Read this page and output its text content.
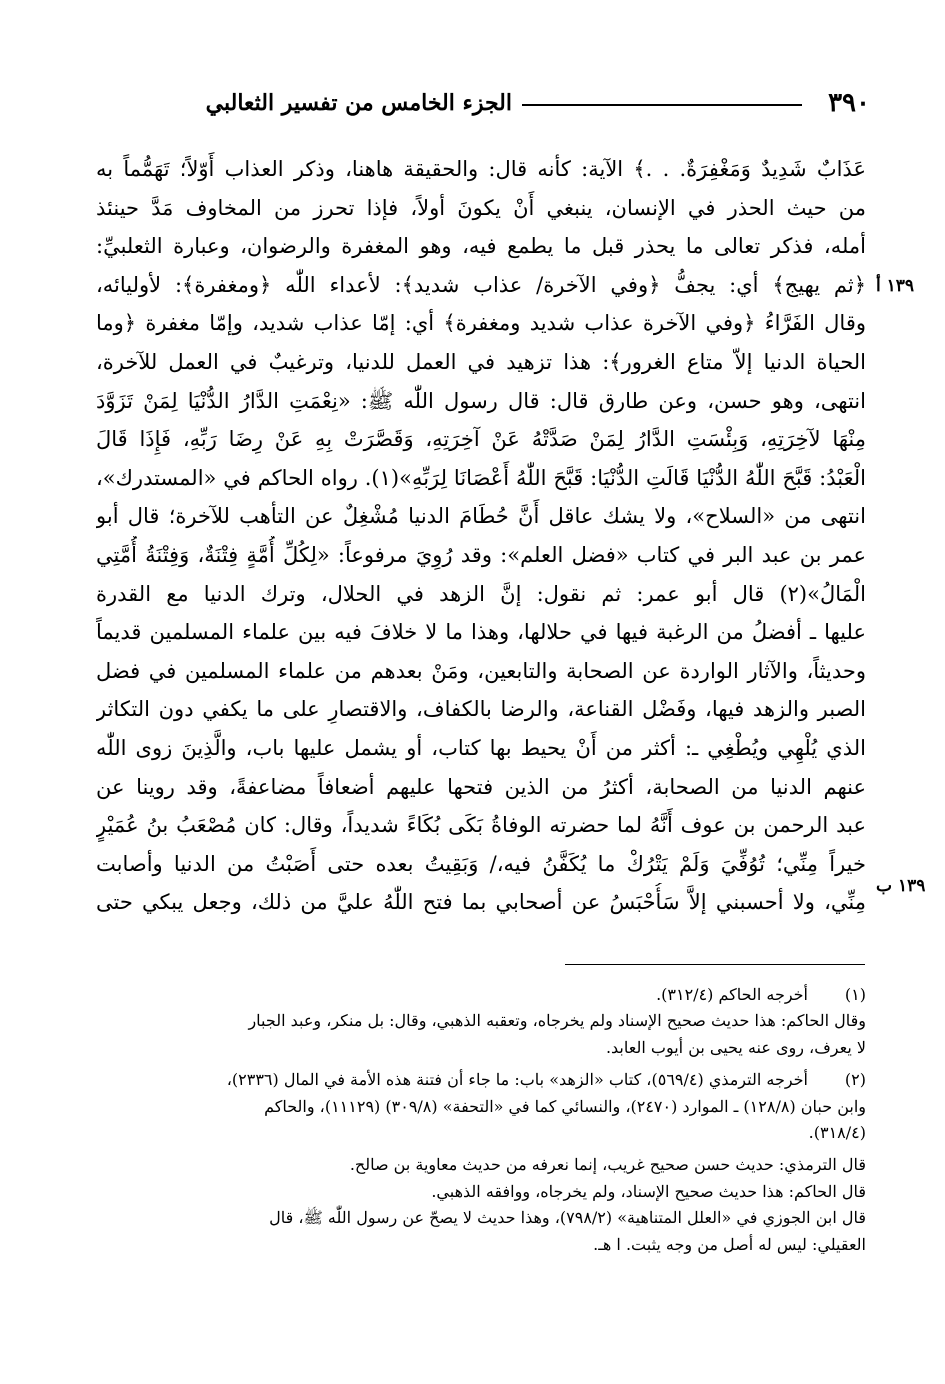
٣٩٠
الجزء الخامس من تفسير الثعالبي
١٣٩ أ
١٣٩ ب
عَذَابٌ شَدِيدٌ وَمَغْفِرَةٌ. . .﴾ الآية: كأنه قال: والحقيقة هاهنا، وذكر العذاب أَوّلاً؛ تَهَمُّماً به
من حيث الحذر في الإنسان، ينبغي أَنْ يكونَ أولاً، فإذا تحرز من المخاوف مَدَّ حينئذ
أمله، فذكر تعالى ما يحذر قبل ما يطمع فيه، وهو المغفرة والرضوان، وعبارة الثعلبيِّ:
﴿ثم يهيج﴾ أي: يجفُّ ﴿وفي الآخرة/ عذاب شديد﴾: لأعداء اللّٰه ﴿ومغفرة﴾: لأوليائه،
وقال الفَرَّاءُ ﴿وفي الآخرة عذاب شديد ومغفرة﴾ أي: إمّا عذاب شديد، وإمّا مغفرة ﴿وما
الحياة الدنيا إلاّ متاع الغرور﴾: هذا تزهيد في العمل للدنيا، وترغيبٌ في العمل للآخرة،
انتهى، وهو حسن، وعن طارق قال: قال رسول اللّٰه ﷺ: «نِعْمَتِ الدَّارُ الدُّنْيَا لِمَنْ تَزَوَّدَ
مِنْهَا لآخِرَتِهِ، وَبِئْسَتِ الدَّارُ لِمَنْ صَدَّتْهُ عَنْ آخِرَتِهِ، وَقَصَّرَتْ بِهِ عَنْ رِضَا رَبِّهِ، فَإِذَا قَالَ
الْعَبْدُ: قَبَّحَ اللّٰهُ الدُّنْيَا قَالَتِ الدُّنْيَا: قَبَّحَ اللّٰهُ أَعْصَانَا لِرَبِّهِ»(١). رواه الحاكم في «المستدرك»،
انتهى من «السلاح»، ولا يشك عاقل أَنَّ حُطَامَ الدنيا مُشْغِلٌ عن التأهب للآخرة؛ قال أبو
عمر بن عبد البر في كتاب «فضل العلم»: وقد رُوِيَ مرفوعاً: «لِكُلِّ أُمَّةٍ فِتْنَةٌ، وَفِتْنَةُ أُمَّتِي
الْمَالُ»(٢) قال أبو عمر: ثم نقول: إنَّ الزهد في الحلال، وترك الدنيا مع القدرة
عليها ـ أفضلُ من الرغبة فيها في حلالها، وهذا ما لا خلافَ فيه بين علماء المسلمين قديماً
وحديثاً، والآثار الواردة عن الصحابة والتابعين، ومَنْ بعدهم من علماء المسلمين في فضل
الصبر والزهد فيها، وفَضْل القناعة، والرضا بالكفاف، والاقتصارِ على ما يكفي دون التكاثر
الذي يُلْهِي ويُطْغِي ـ: أكثر من أَنْ يحيط بها كتاب، أو يشمل عليها باب، والَّذِينَ زوى اللّٰه
عنهم الدنيا من الصحابة، أكثرُ من الذين فتحها عليهم أضعافاً مضاعفةً، وقد روينا عن
عبد الرحمن بن عوف أَنَّهُ لما حضرته الوفاةُ بَكَى بُكَاءً شديداً، وقال: كان مُصْعَبُ بنُ عُمَيْرٍ
خيراً مِنِّي؛ تُوُفِّيَ وَلَمْ يَتْرُكْ ما يُكَفَّنُ فيه،/ وَبَقِيتُ بعده حتى أَصَبْتُ من الدنيا وأصابت
مِنِّي، ولا أحسبني إلاَّ سَأُحْبَسُ عن أصحابي بما فتح اللّٰهُ عليَّ من ذلك، وجعل يبكي حتى
(١)
أخرجه الحاكم (٣١٢/٤).
وقال الحاكم: هذا حديث صحيح الإسناد ولم يخرجاه، وتعقبه الذهبي، وقال: بل منكر، وعبد الجبار
لا يعرف، روى عنه يحيى بن أيوب العابد.
(٢)
أخرجه الترمذي (٥٦٩/٤)، كتاب «الزهد» باب: ما جاء أن فتنة هذه الأمة في المال (٢٣٣٦)،
وابن حبان (١٢٨/٨) ـ الموارد (٢٤٧٠)، والنسائي كما في «التحفة» (٣٠٩/٨) (١١١٢٩)، والحاكم
(٣١٨/٤).
قال الترمذي: حديث حسن صحيح غريب، إنما نعرفه من حديث معاوية بن صالح.
قال الحاكم: هذا حديث صحيح الإسناد، ولم يخرجاه، ووافقه الذهبي.
قال ابن الجوزي في «العلل المتناهية» (٧٩٨/٢)، وهذا حديث لا يصحّ عن رسول اللّٰه ﷺ، قال
العقيلي: ليس له أصل من وجه يثبت. ا هـ.
